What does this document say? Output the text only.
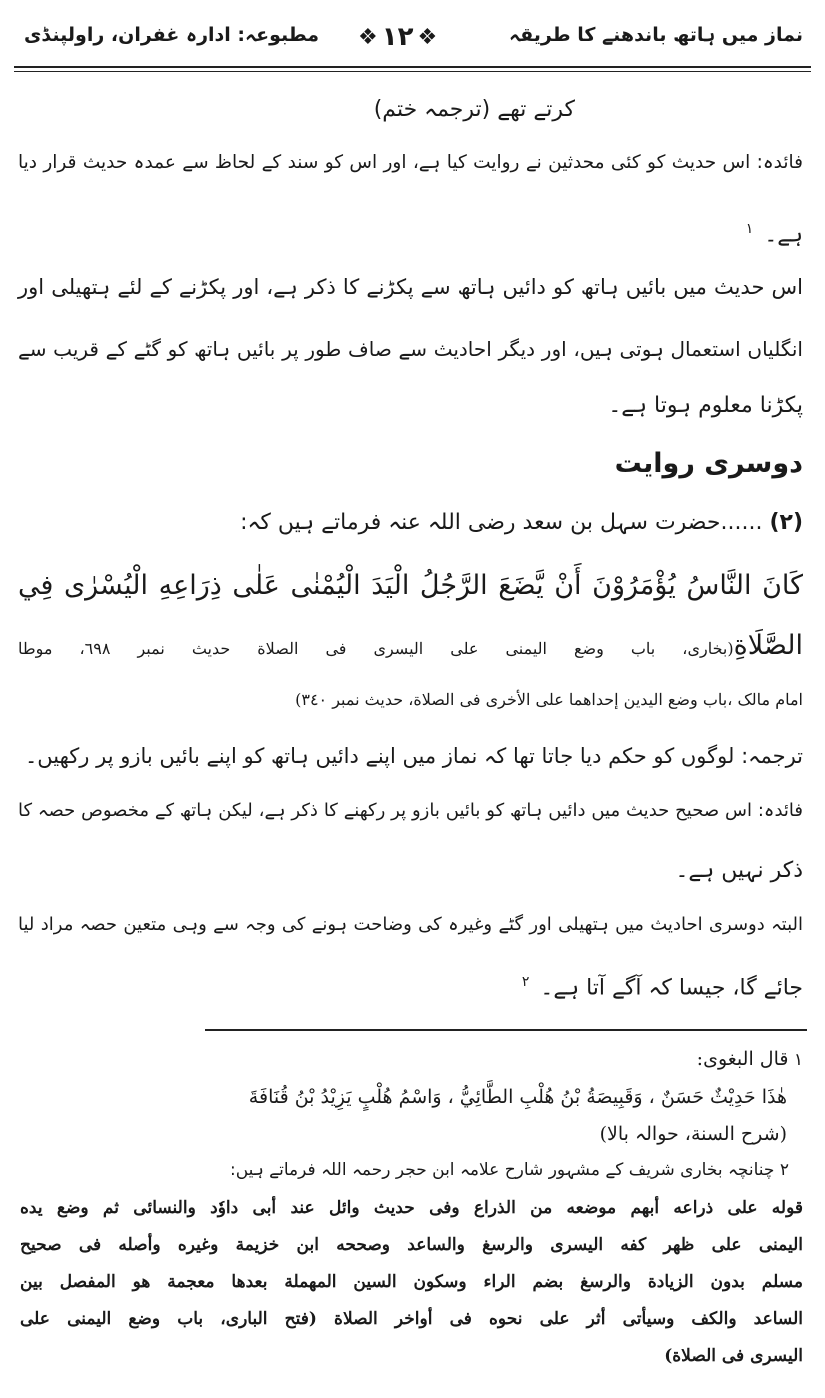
نماز میں ہاتھ باندھنے کا طریقہ
❖ ۱۲ ❖
مطبوعہ: ادارہ غفران، راولپنڈی
کرتے تھے (ترجمہ ختم)
فائدہ: اس حدیث کو کئی محدثین نے روایت کیا ہے، اور اس کو سند کے لحاظ سے عمدہ حدیث قرار دیا
ہے۔ $^۱$
اس حدیث میں بائیں ہاتھ کو دائیں ہاتھ سے پکڑنے کا ذکر ہے، اور پکڑنے کے لئے ہتھیلی اور
انگلیاں استعمال ہوتی ہیں، اور دیگر احادیث سے صاف طور پر بائیں ہاتھ کو گٹے کے قریب سے
پکڑنا معلوم ہوتا ہے۔
دوسری روایت
(۲) ......حضرت سہل بن سعد رضی اللہ عنہ فرماتے ہیں کہ:
كَانَ النَّاسُ يُؤْمَرُوْنَ أَنْ يَّضَعَ الرَّجُلُ الْيَدَ الْيُمْنٰى عَلٰى ذِرَاعِهِ الْيُسْرٰى فِي
الصَّلَاةِ(بخاری، باب وضع اليمنى على اليسرى فى الصلاة حديث نمبر ٦٩٨، موطا
امام مالک ،باب وضع اليدين إحداهما على الأخرى فى الصلاة، حديث نمبر ٣٤٠)
ترجمہ: لوگوں کو حکم دیا جاتا تھا کہ نماز میں اپنے دائیں ہاتھ کو اپنے بائیں بازو پر رکھیں۔
فائدہ: اس صحیح حدیث میں دائیں ہاتھ کو بائیں بازو پر رکھنے کا ذکر ہے، لیکن ہاتھ کے مخصوص حصہ کا
ذکر نہیں ہے۔
البتہ دوسری احادیث میں ہتھیلی اور گٹے وغیرہ کی وضاحت ہونے کی وجہ سے وہی متعین حصہ مراد لیا
جائے گا، جیسا کہ آگے آتا ہے۔ $^۲$
۱ قال البغوی:
هٰذَا حَدِيْثٌ حَسَنٌ ، وَقَبِيصَةُ بْنُ هُلْبِ الطَّائِيُّ ، وَاسْمُ هُلْبٍ يَزِيْدُ بْنُ قُنَافَةَ
(شرح السنة، حوالہ بالا)
۲ چنانچہ بخاری شریف کے مشہور شارح علامہ ابن حجر رحمہ اللہ فرماتے ہیں:
قوله على ذراعه أبهم موضعه من الذراع وفى حديث وائل عند أبى داوٗد والنسائى ثم وضع يده
اليمنى على ظهر كفه اليسرى والرسغ والساعد وصححه ابن خزيمة وغيره وأصله فى صحيح
مسلم بدون الزيادة والرسغ بضم الراء وسكون السين المهملة بعدها معجمة هو المفصل بين
الساعد والكف وسيأتى أثر على نحوه فى أواخر الصلاة (فتح البارى، باب وضع اليمنى على
اليسرى فى الصلاة)
